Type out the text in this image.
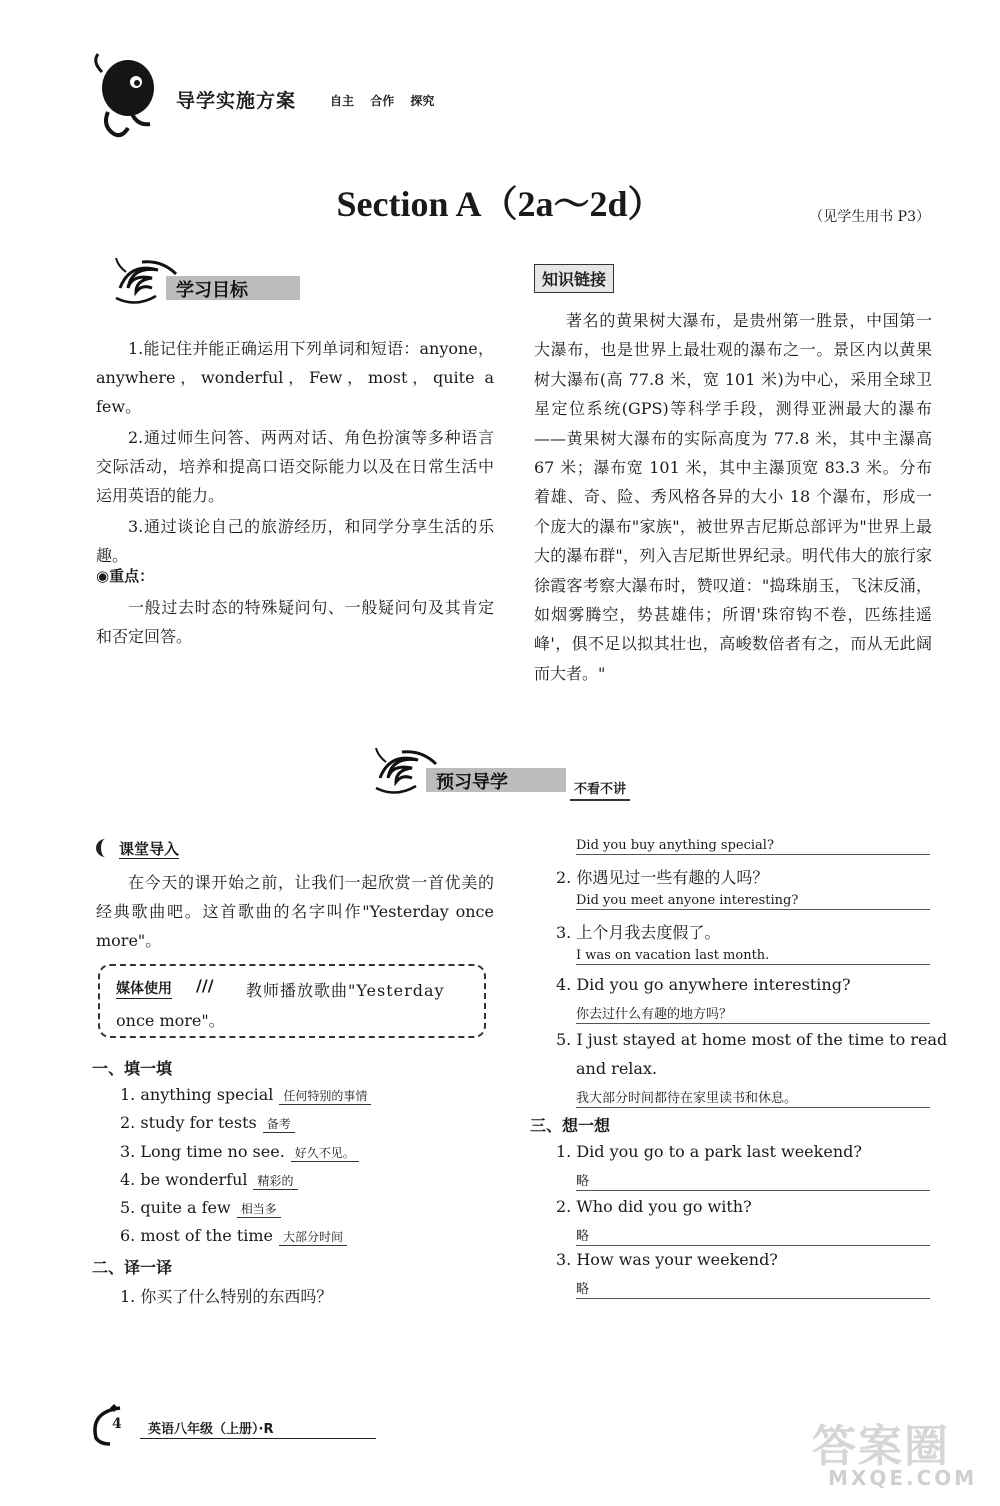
导学实施方案	自主 合作 探究
Section A（2a～2d）	（见学生用书 P3）
学习目标

1.能记住并能正确运用下列单词和短语：anyone，anywhere，wonderful，Few，most，quite a few。

2.通过师生问答、两两对话、角色扮演等多种语言交际活动，培养和提高口语交际能力以及在日常生活中运用英语的能力。

3.通过谈论自己的旅游经历，和同学分享生活的乐趣。

◉重点：
一般过去时态的特殊疑问句、一般疑问句及其肯定和否定回答。
知识链接
著名的黄果树大瀑布，是贵州第一胜景，中国第一大瀑布，也是世界上最壮观的瀑布之一。景区内以黄果树大瀑布(高 77.8 米，宽 101 米)为中心，采用全球卫星定位系统(GPS)等科学手段，测得亚洲最大的瀑布——黄果树大瀑布的实际高度为 77.8 米，其中主瀑高 67 米；瀑布宽 101 米，其中主瀑顶宽 83.3 米。分布着雄、奇、险、秀风格各异的大小 18 个瀑布，形成一个庞大的瀑布"家族"，被世界吉尼斯总部评为"世界上最大的瀑布群"，列入吉尼斯世界纪录。明代伟大的旅行家徐霞客考察大瀑布时，赞叹道："捣珠崩玉，飞沫反涌，如烟雾腾空，势甚雄伟；所谓'珠帘钩不卷，匹练挂遥峰'，俱不足以拟其壮也，高峻数倍者有之，而从无此阔而大者。"
预习导学	不看不讲
课堂导入
在今天的课开始之前，让我们一起欣赏一首优美的经典歌曲吧。这首歌曲的名字叫作"Yesterday once more"。
媒体使用 /// 教师播放歌曲"Yesterday
once more"。
一、填一填
1. anything special 任何特别的事情
2. study for tests 备考
3. Long time no see. 好久不见。
4. be wonderful 精彩的
5. quite a few 相当多
6. most of the time 大部分时间
二、译一译
1. 你买了什么特别的东西吗？
Did you buy anything special?
2. 你遇见过一些有趣的人吗？
Did you meet anyone interesting?
3. 上个月我去度假了。
I was on vacation last month.
4. Did you go anywhere interesting?
你去过什么有趣的地方吗？
5. I just stayed at home most of the time to read
and relax.
我大部分时间都待在家里读书和休息。
三、想一想
1. Did you go to a park last weekend?
略
2. Who did you go with?
略
3. How was your weekend?
略
4 英语八年级（上册）·R	答案圈
MXQE.COM
